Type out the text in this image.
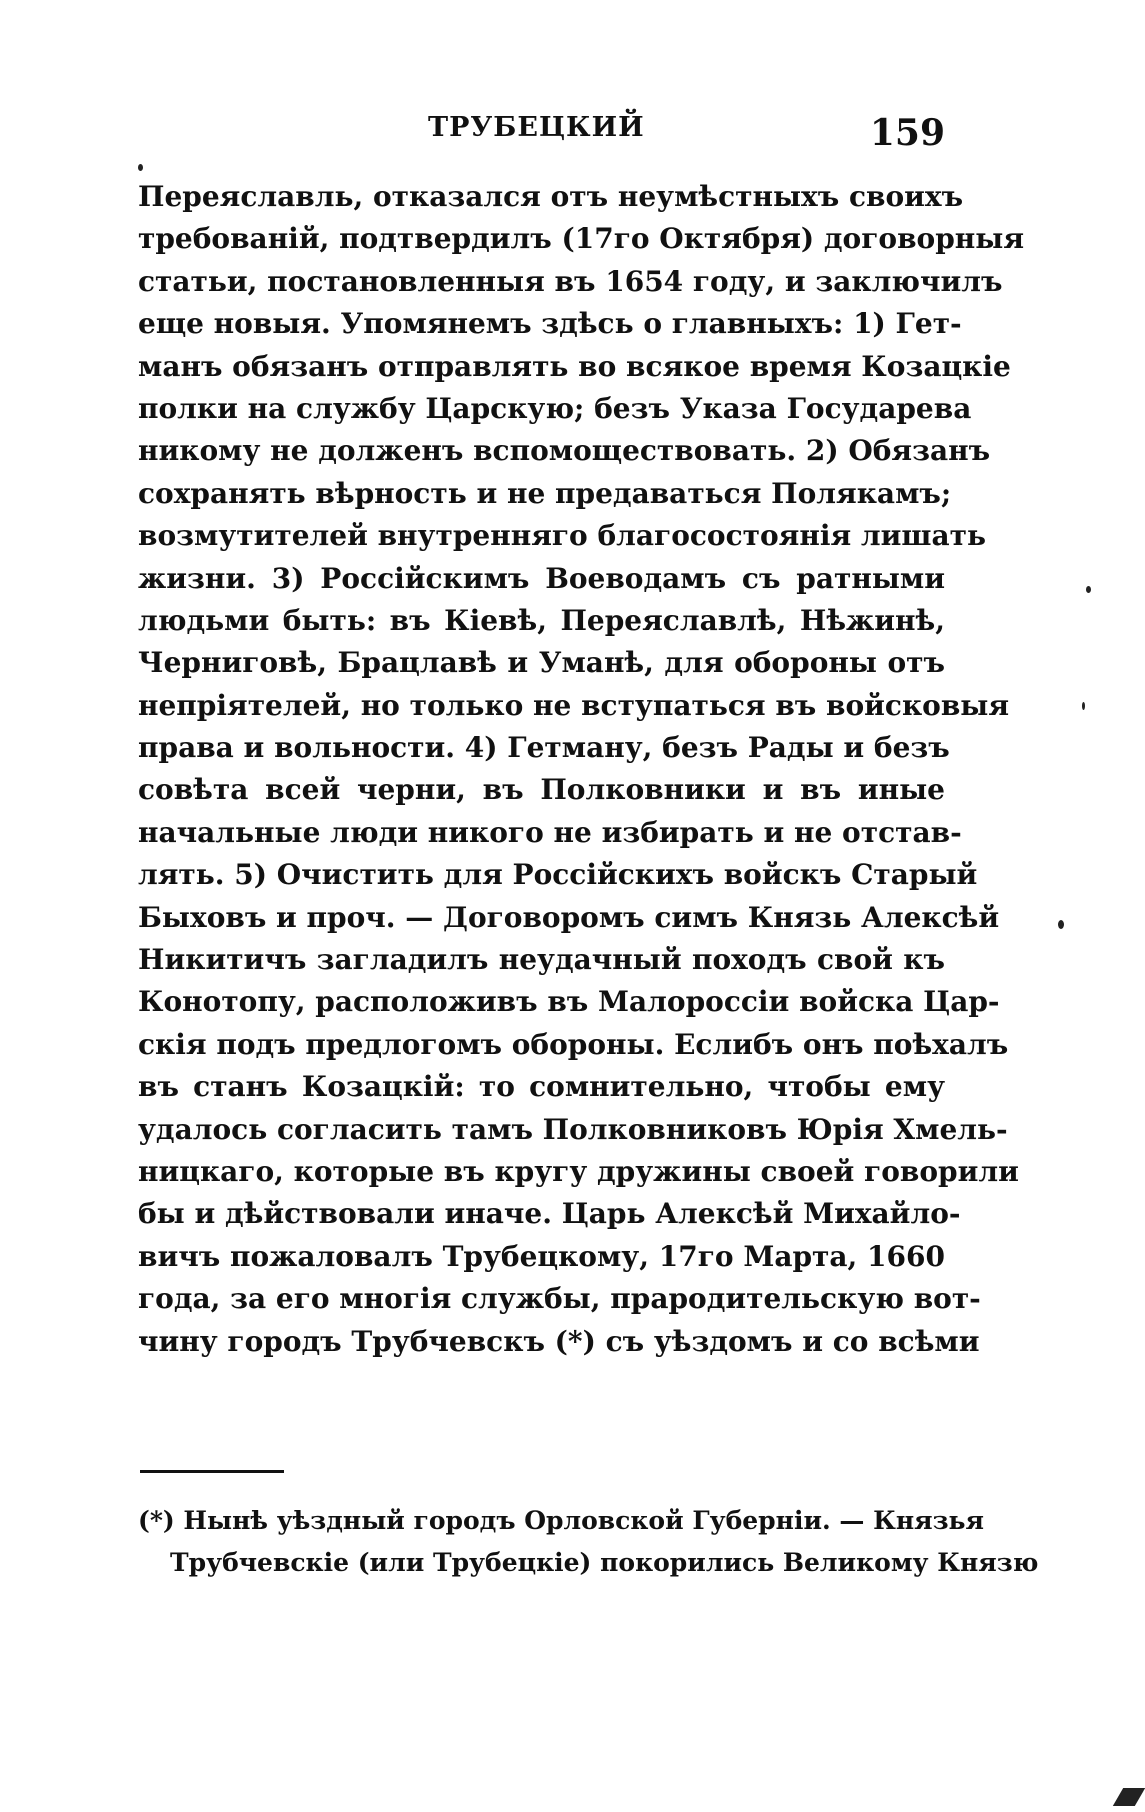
ТРУБЕЦКИЙ	159
Переяславль, отказался отъ неумѣстныхъ своихъ
требованій, подтвердилъ (17го Октября) договорныя
статьи, постановленныя въ 1654 году, и заключилъ
еще новыя. Упомянемъ здѣсь о главныхъ: 1) Гет-
манъ обязанъ отправлять во всякое время Козацкіе
полки на службу Царскую; безъ Указа Государева
никому не долженъ вспомоществовать. 2) Обязанъ
сохранять вѣрность и не предаваться Полякамъ;
возмутителей внутренняго благосостоянія лишать
жизни. 3) Россійскимъ Воеводамъ съ ратными
людьми быть: въ Кіевѣ, Переяславлѣ, Нѣжинѣ,
Черниговѣ, Брацлавѣ и Уманѣ, для обороны отъ
непріятелей, но только не вступаться въ войсковыя
права и вольности. 4) Гетману, безъ Рады и безъ
совѣта всей черни, въ Полковники и въ иные
начальные люди никого не избирать и не отстав-
лять. 5) Очистить для Россійскихъ войскъ Старый
Быховъ и проч. — Договоромъ симъ Князь Алексѣй
Никитичъ загладилъ неудачный походъ свой къ
Конотопу, расположивъ въ Малороссіи войска Цар-
скія подъ предлогомъ обороны. Еслибъ онъ поѣхалъ
въ станъ Козацкій: то сомнительно, чтобы ему
удалось согласить тамъ Полковниковъ Юрія Хмель-
ницкаго, которые въ кругу дружины своей говорили
бы и дѣйствовали иначе. Царь Алексѣй Михайло-
вичъ пожаловалъ Трубецкому, 17го Марта, 1660
года, за его многія службы, прародительскую вот-
чину городъ Трубчевскъ (*) съ уѣздомъ и со всѣми
(*) Нынѣ уѣздный городъ Орловской Губерніи. — Князья
Трубчевскіе (или Трубецкіе) покорились Великому Князю
